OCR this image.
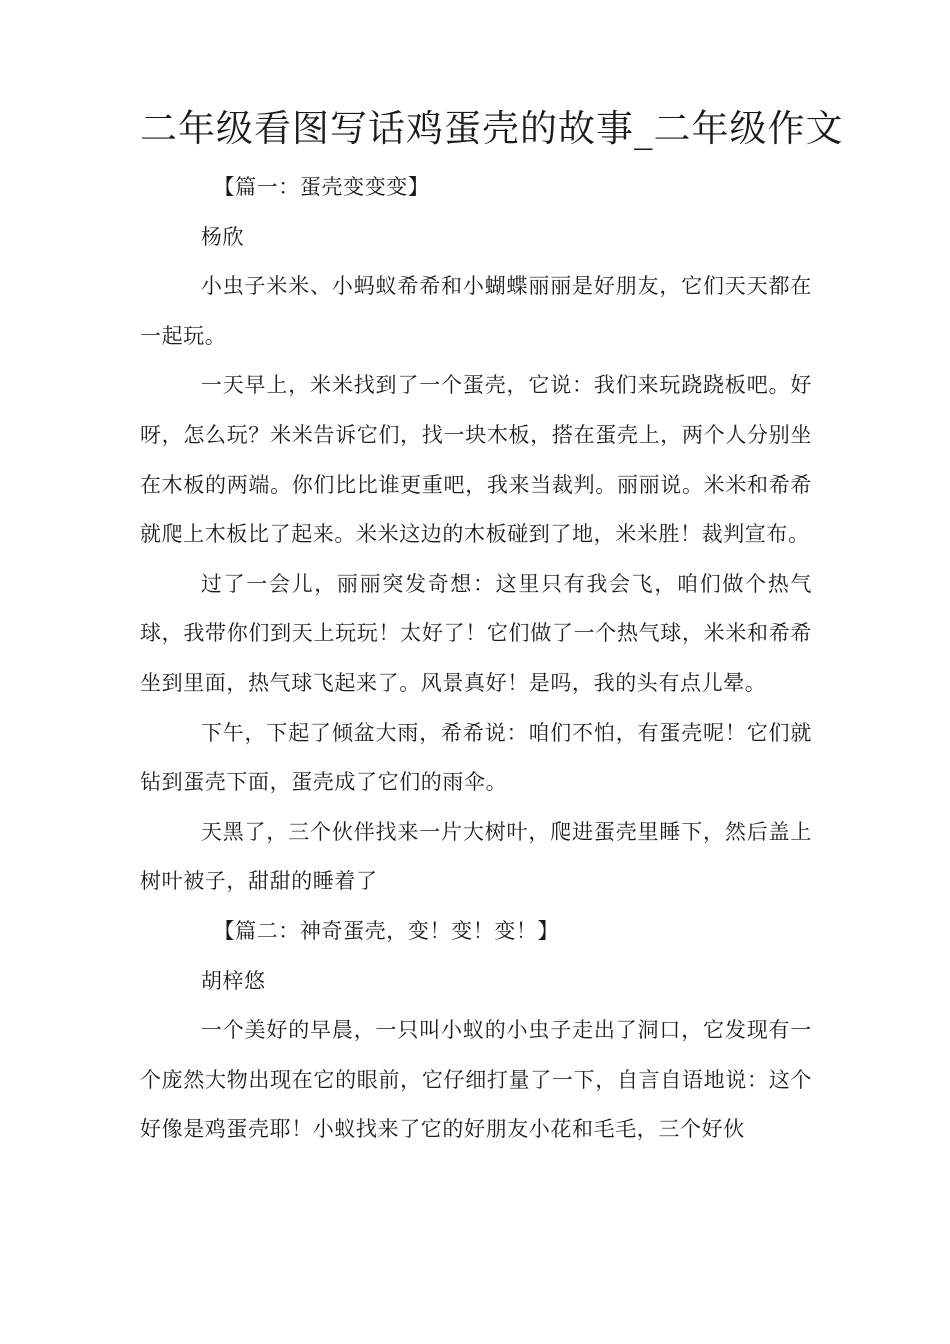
二年级看图写话鸡蛋壳的故事_二年级作文

【篇一：蛋壳变变变】

杨欣

小虫子米米、小蚂蚁希希和小蝴蝶丽丽是好朋友，它们天天都在一起玩。

一天早上，米米找到了一个蛋壳，它说：我们来玩跷跷板吧。好呀，怎么玩？米米告诉它们，找一块木板，搭在蛋壳上，两个人分别坐在木板的两端。你们比比谁更重吧，我来当裁判。丽丽说。米米和希希就爬上木板比了起来。米米这边的木板碰到了地，米米胜！裁判宣布。

过了一会儿，丽丽突发奇想：这里只有我会飞，咱们做个热气球，我带你们到天上玩玩！太好了！它们做了一个热气球，米米和希希坐到里面，热气球飞起来了。风景真好！是吗，我的头有点儿晕。

下午，下起了倾盆大雨，希希说：咱们不怕，有蛋壳呢！它们就钻到蛋壳下面，蛋壳成了它们的雨伞。

天黑了，三个伙伴找来一片大树叶，爬进蛋壳里睡下，然后盖上树叶被子，甜甜的睡着了

【篇二：神奇蛋壳，变！变！变！】

胡梓悠

一个美好的早晨，一只叫小蚁的小虫子走出了洞口，它发现有一个庞然大物出现在它的眼前，它仔细打量了一下，自言自语地说：这个好像是鸡蛋壳耶！小蚁找来了它的好朋友小花和毛毛，三个好伙
